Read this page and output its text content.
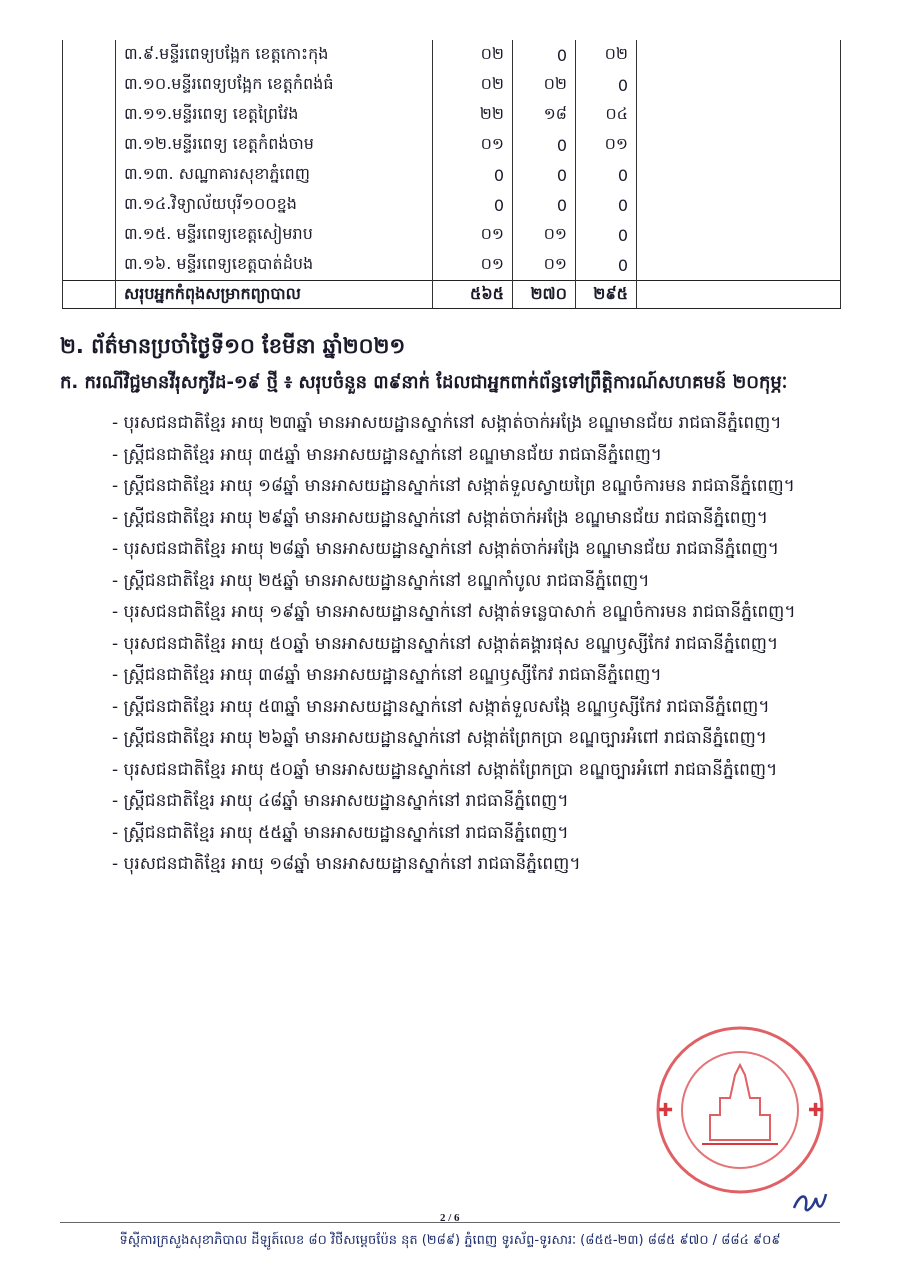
	៣.៩.មន្ទីរពេទ្យបង្អែក ខេត្តកោះកុង	០២	0	០២	
	៣.១០.មន្ទីរពេទ្យបង្អែក ខេត្តកំពង់ធំ	០២	០២	0	
	៣.១១.មន្ទីរពេទ្យ ខេត្តព្រៃវែង	២២	១៨	០៤	
	៣.១២.មន្ទីរពេទ្យ ខេត្តកំពង់ចាម	០១	0	០១	
	៣.១៣. សណ្ឋាគារសុខាភ្នំពេញ	0	0	0	
	៣.១៤.វិទ្យាល័យបុរី១០០ខ្នង	0	0	0	
	៣.១៥. មន្ទីរពេទ្យខេត្តសៀមរាប	០១	០១	0	
	៣.១៦. មន្ទីរពេទ្យខេត្តបាត់ដំបង	០១	០១	0	
	សរុបអ្នកកំពុងសម្រាកព្យាបាល	៥៦៥	២៧០	២៩៥	
២. ព័ត៌មានប្រចាំថ្ងៃទី១០ ខែមីនា ឆ្នាំ២០២១
ក. ករណីវិជ្ជមានវីរុសកូវីដ-១៩ ថ្មី ៖ សរុបចំនួន ៣៩នាក់ ដែលជាអ្នកពាក់ព័ន្ធទៅព្រឹត្តិការណ៍សហគមន៍ ២០កុម្ភៈ
- បុរសជនជាតិខ្មែរ អាយុ ២៣ឆ្នាំ មានអាសយដ្ឋានស្នាក់នៅ សង្កាត់ចាក់អង្រែ ខណ្ឌមានជ័យ រាជធានីភ្នំពេញ។
- ស្ត្រីជនជាតិខ្មែរ អាយុ ៣៥ឆ្នាំ មានអាសយដ្ឋានស្នាក់នៅ ខណ្ឌមានជ័យ រាជធានីភ្នំពេញ។
- ស្ត្រីជនជាតិខ្មែរ អាយុ ១៨ឆ្នាំ មានអាសយដ្ឋានស្នាក់នៅ សង្កាត់ទួលស្វាយព្រៃ ខណ្ឌចំការមន រាជធានីភ្នំពេញ។
- ស្ត្រីជនជាតិខ្មែរ អាយុ ២៩ឆ្នាំ មានអាសយដ្ឋានស្នាក់នៅ សង្កាត់ចាក់អង្រែ ខណ្ឌមានជ័យ រាជធានីភ្នំពេញ។
- បុរសជនជាតិខ្មែរ អាយុ ២៨ឆ្នាំ មានអាសយដ្ឋានស្នាក់នៅ សង្កាត់ចាក់អង្រែ ខណ្ឌមានជ័យ រាជធានីភ្នំពេញ។
- ស្ត្រីជនជាតិខ្មែរ អាយុ ២៥ឆ្នាំ មានអាសយដ្ឋានស្នាក់នៅ ខណ្ឌកាំបូល រាជធានីភ្នំពេញ។
- បុរសជនជាតិខ្មែរ អាយុ ១៩ឆ្នាំ មានអាសយដ្ឋានស្នាក់នៅ សង្កាត់ទន្លេបាសាក់ ខណ្ឌចំការមន រាជធានីភ្នំពេញ។
- បុរសជនជាតិខ្មែរ អាយុ ៥០ឆ្នាំ មានអាសយដ្ឋានស្នាក់នៅ សង្កាត់គង្គារផុស ខណ្ឌឫស្សីកែវ រាជធានីភ្នំពេញ។
- ស្ត្រីជនជាតិខ្មែរ អាយុ ៣៨ឆ្នាំ មានអាសយដ្ឋានស្នាក់នៅ ខណ្ឌឫស្សីកែវ រាជធានីភ្នំពេញ។
- ស្ត្រីជនជាតិខ្មែរ អាយុ ៥៣ឆ្នាំ មានអាសយដ្ឋានស្នាក់នៅ សង្កាត់ទួលសង្កែ ខណ្ឌឫស្សីកែវ រាជធានីភ្នំពេញ។
- ស្ត្រីជនជាតិខ្មែរ អាយុ ២៦ឆ្នាំ មានអាសយដ្ឋានស្នាក់នៅ សង្កាត់ព្រែកប្រា ខណ្ឌច្បារអំពៅ រាជធានីភ្នំពេញ។
- បុរសជនជាតិខ្មែរ អាយុ ៥០ឆ្នាំ មានអាសយដ្ឋានស្នាក់នៅ សង្កាត់ព្រែកប្រា ខណ្ឌច្បារអំពៅ រាជធានីភ្នំពេញ។
- ស្ត្រីជនជាតិខ្មែរ អាយុ ៤៨ឆ្នាំ មានអាសយដ្ឋានស្នាក់នៅ រាជធានីភ្នំពេញ។
- ស្ត្រីជនជាតិខ្មែរ អាយុ ៥៥ឆ្នាំ មានអាសយដ្ឋានស្នាក់នៅ រាជធានីភ្នំពេញ។
- បុរសជនជាតិខ្មែរ អាយុ ១៨ឆ្នាំ មានអាសយដ្ឋានស្នាក់នៅ រាជធានីភ្នំពេញ។
✚	✚
2 / 6
ទីស្តីការក្រសួងសុខាភិបាល ដីឡូត៍លេខ ៨០ វិថីសម្តេចប៉ែន នុត (២៨៩) ភ្នំពេញ ទូរស័ព្ទ-ទូរសារៈ (៨៥៥-២៣) ៨៨៥ ៩៧០ / ៨៨៤ ៩០៩
